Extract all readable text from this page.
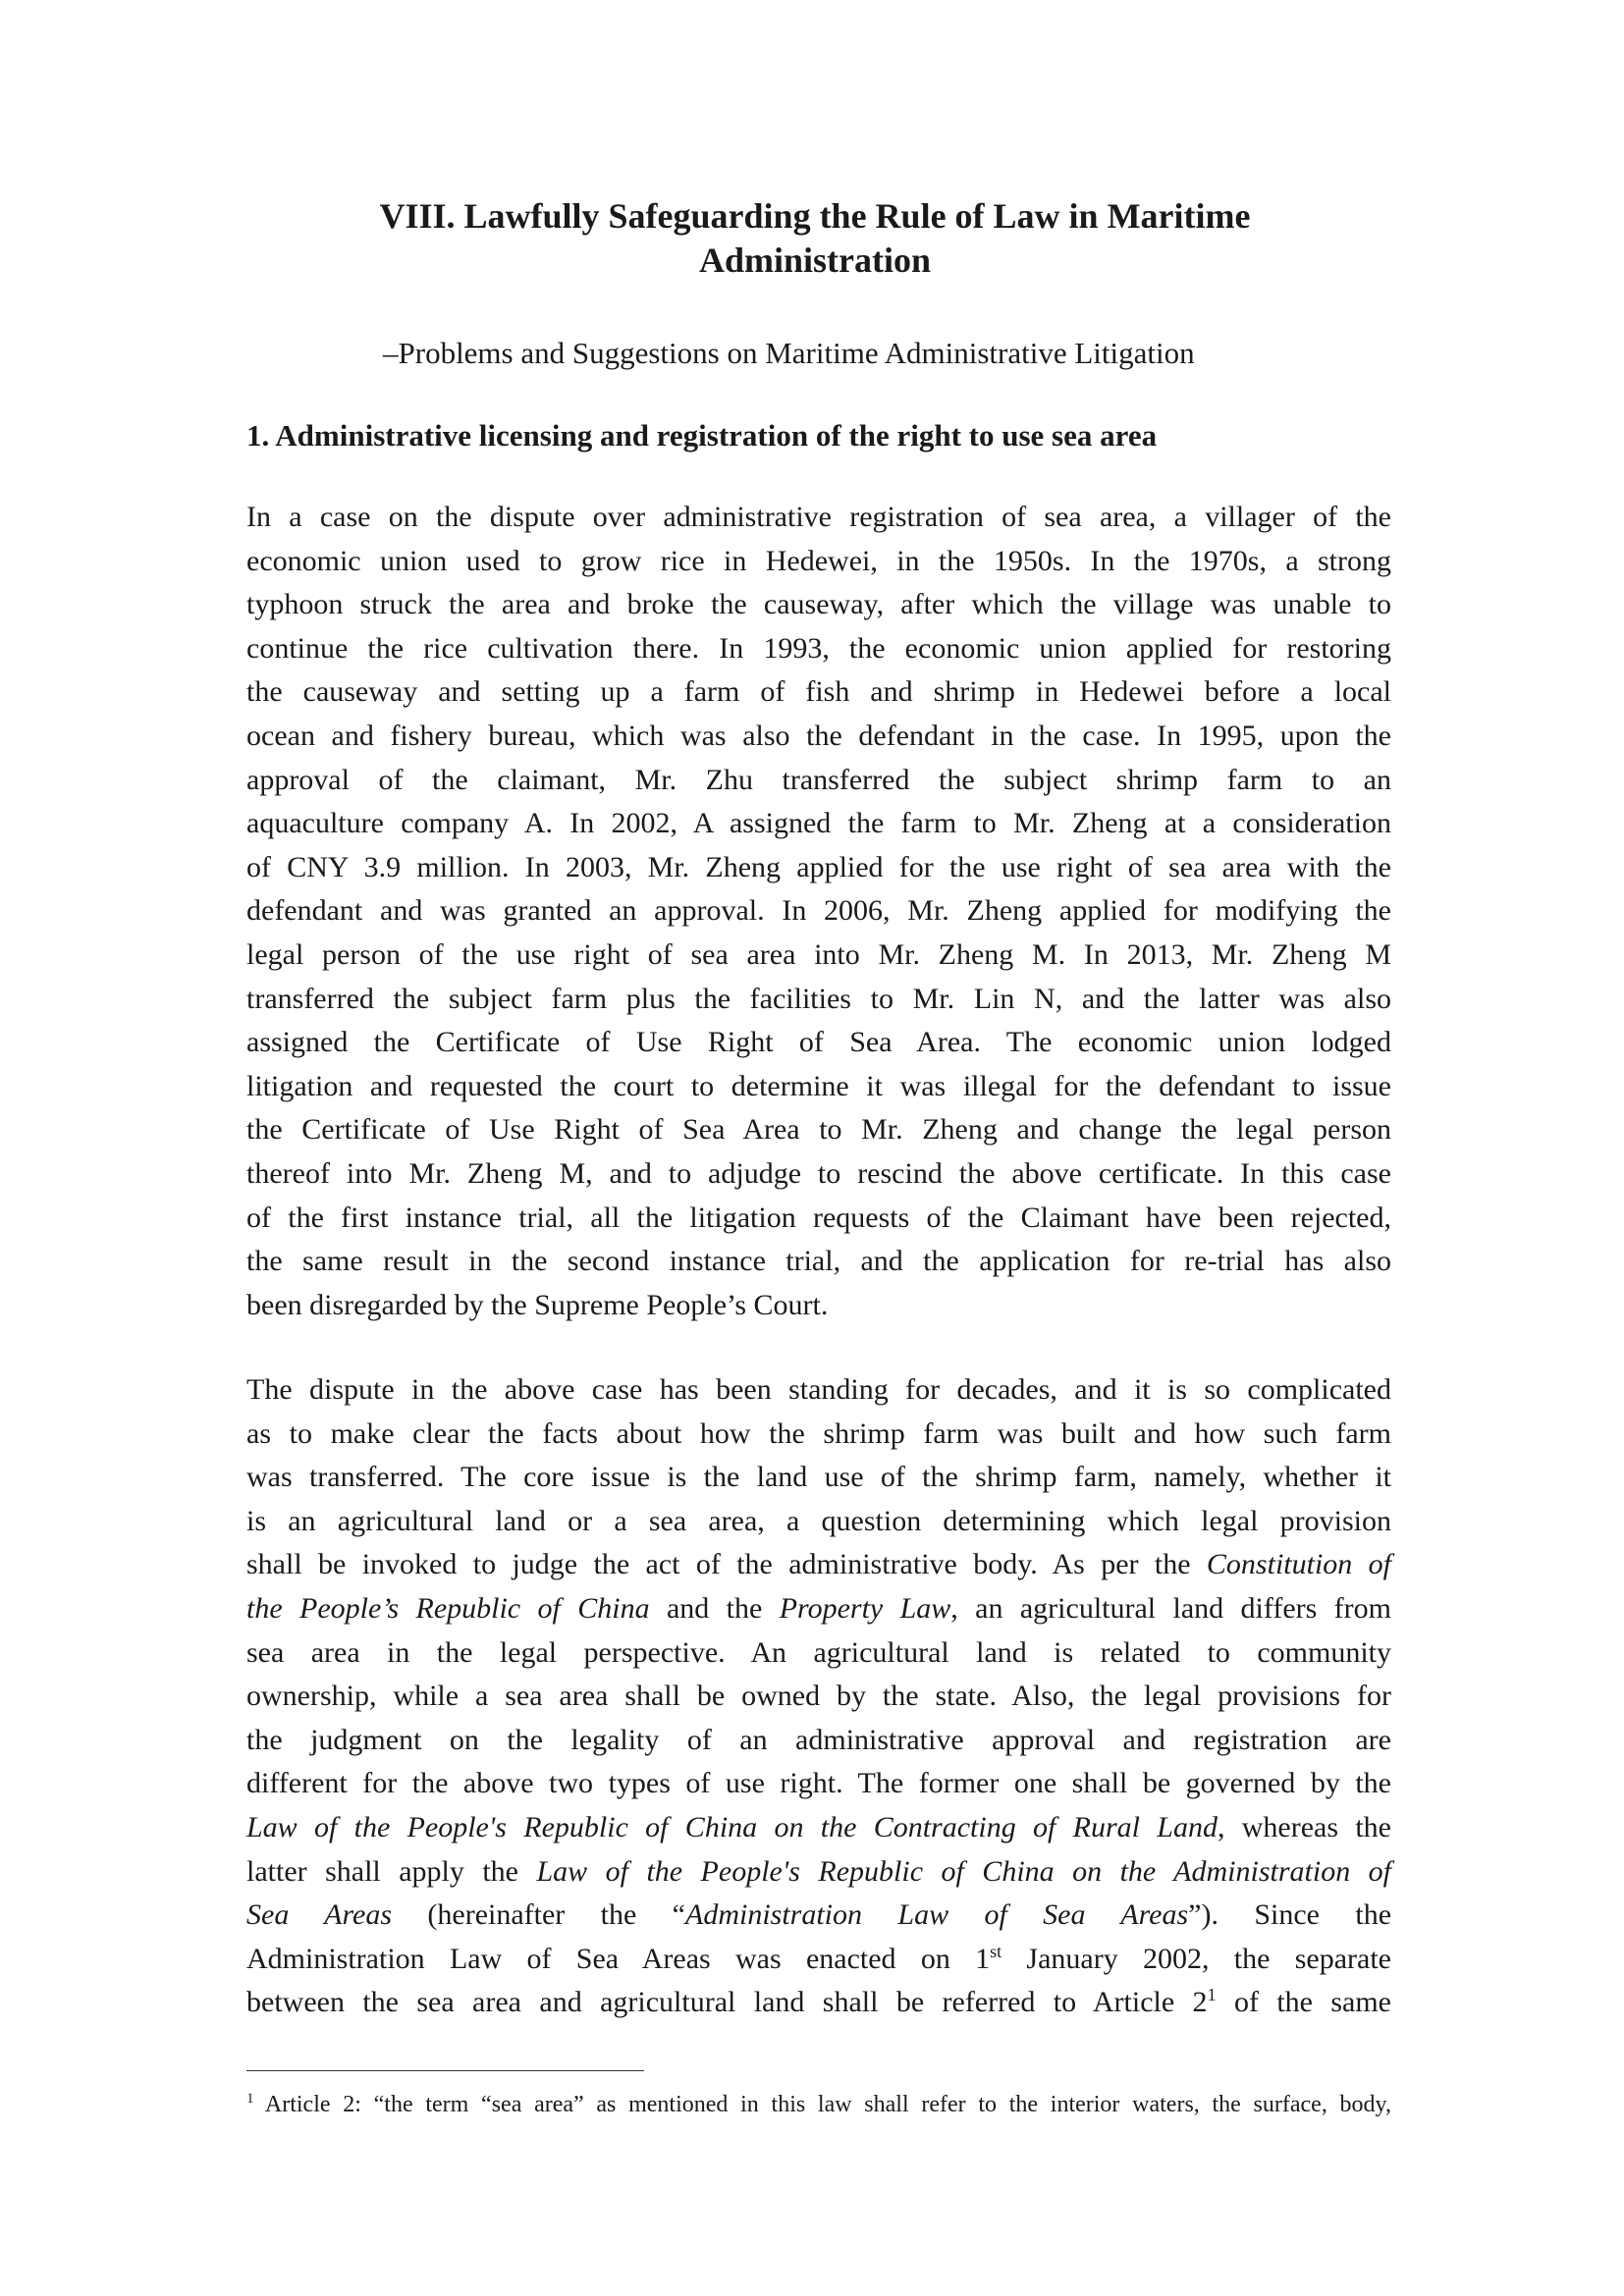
VIII. Lawfully Safeguarding the Rule of Law in Maritime
Administration

–Problems and Suggestions on Maritime Administrative Litigation

1. Administrative licensing and registration of the right to use sea area
In a case on the dispute over administrative registration of sea area, a villager of the
economic union used to grow rice in Hedewei, in the 1950s. In the 1970s, a strong
typhoon struck the area and broke the causeway, after which the village was unable to
continue the rice cultivation there. In 1993, the economic union applied for restoring
the causeway and setting up a farm of fish and shrimp in Hedewei before a local
ocean and fishery bureau, which was also the defendant in the case. In 1995, upon the
approval of the claimant, Mr. Zhu transferred the subject shrimp farm to an
aquaculture company A. In 2002, A assigned the farm to Mr. Zheng at a consideration
of CNY 3.9 million. In 2003, Mr. Zheng applied for the use right of sea area with the
defendant and was granted an approval. In 2006, Mr. Zheng applied for modifying the
legal person of the use right of sea area into Mr. Zheng M. In 2013, Mr. Zheng M
transferred the subject farm plus the facilities to Mr. Lin N, and the latter was also
assigned the Certificate of Use Right of Sea Area. The economic union lodged
litigation and requested the court to determine it was illegal for the defendant to issue
the Certificate of Use Right of Sea Area to Mr. Zheng and change the legal person
thereof into Mr. Zheng M, and to adjudge to rescind the above certificate. In this case
of the first instance trial, all the litigation requests of the Claimant have been rejected,
the same result in the second instance trial, and the application for re-trial has also
been disregarded by the Supreme People’s Court.
The dispute in the above case has been standing for decades, and it is so complicated
as to make clear the facts about how the shrimp farm was built and how such farm
was transferred. The core issue is the land use of the shrimp farm, namely, whether it
is an agricultural land or a sea area, a question determining which legal provision
shall be invoked to judge the act of the administrative body. As per the Constitution of
the People’s Republic of China and the Property Law, an agricultural land differs from
sea area in the legal perspective. An agricultural land is related to community
ownership, while a sea area shall be owned by the state. Also, the legal provisions for
the judgment on the legality of an administrative approval and registration are
different for the above two types of use right. The former one shall be governed by the
Law of the People's Republic of China on the Contracting of Rural Land, whereas the
latter shall apply the Law of the People's Republic of China on the Administration of
Sea Areas (hereinafter the “Administration Law of Sea Areas”). Since the
Administration Law of Sea Areas was enacted on 1st January 2002, the separate
between the sea area and agricultural land shall be referred to Article $2^1$ of the same

$^1$ Article 2: “the term “sea area” as mentioned in this law shall refer to the interior waters, the surface, body,
